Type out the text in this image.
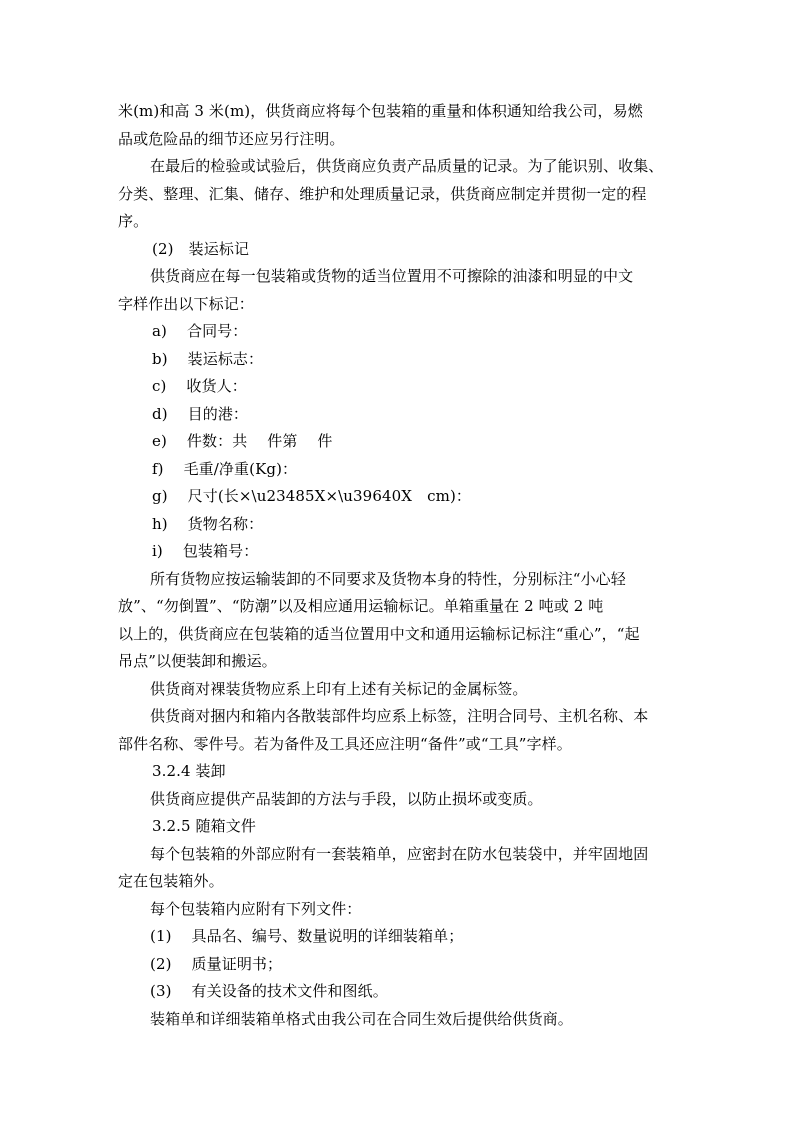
米(m)和高 3 米(m)，供货商应将每个包装箱的重量和体积通知给我公司，易燃
品或危险品的细节还应另行注明。
在最后的检验或试验后，供货商应负责产品质量的记录。为了能识别、收集、
分类、整理、汇集、储存、维护和处理质量记录，供货商应制定并贯彻一定的程
序。
(2)　装运标记
供货商应在每一包装箱或货物的适当位置用不可擦除的油漆和明显的中文
字样作出以下标记：
a)　 合同号：
b)　 装运标志：
c)　 收货人：
d)　 目的港：
e)　 件数：共　 件第　 件
f)　 毛重/净重(Kg)：
g)　 尺寸(长×\u23485X×\u39640X　cm)：
h)　 货物名称：
i)　 包装箱号：
所有货物应按运输装卸的不同要求及货物本身的特性，分别标注“小心轻
放”、“勿倒置”、“防潮”以及相应通用运输标记。单箱重量在 2 吨或 2 吨
以上的，供货商应在包装箱的适当位置用中文和通用运输标记标注“重心”，“起
吊点”以便装卸和搬运。
供货商对裸装货物应系上印有上述有关标记的金属标签。
供货商对捆内和箱内各散装部件均应系上标签，注明合同号、主机名称、本
部件名称、零件号。若为备件及工具还应注明“备件”或“工具”字样。
3.2.4 装卸
供货商应提供产品装卸的方法与手段，以防止损坏或变质。
3.2.5 随箱文件
每个包装箱的外部应附有一套装箱单，应密封在防水包装袋中，并牢固地固
定在包装箱外。
每个包装箱内应附有下列文件：
(1)　 具品名、编号、数量说明的详细装箱单；
(2)　 质量证明书；
(3)　 有关设备的技术文件和图纸。
装箱单和详细装箱单格式由我公司在合同生效后提供给供货商。
